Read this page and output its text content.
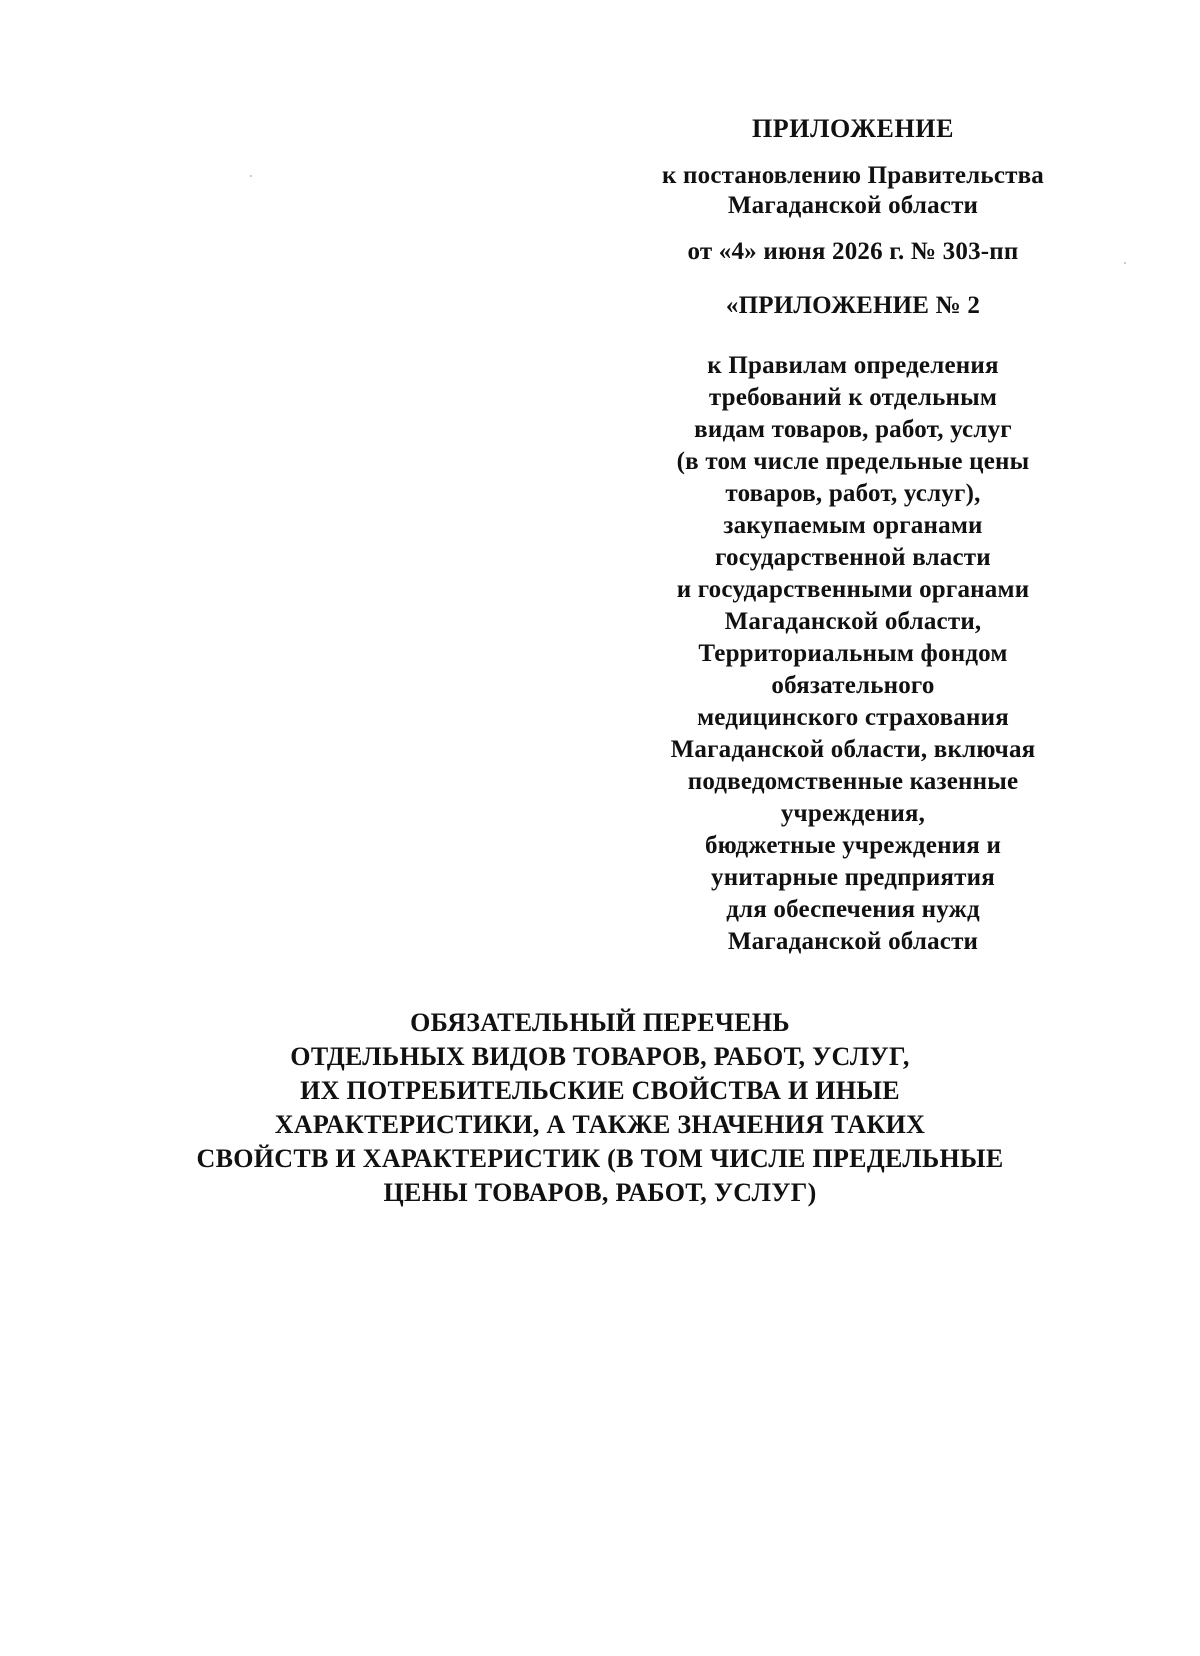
ПРИЛОЖЕНИЕ
к постановлению Правительства
Магаданской области
от «4» июня 2026 г. № 303-пп
«ПРИЛОЖЕНИЕ № 2
к Правилам определения
требований к отдельным
видам товаров, работ, услуг
(в том числе предельные цены
товаров, работ, услуг),
закупаемым органами
государственной власти
и государственными органами
Магаданской области,
Территориальным фондом
обязательного
медицинского страхования
Магаданской области, включая
подведомственные казенные
учреждения,
бюджетные учреждения и
унитарные предприятия
для обеспечения нужд
Магаданской области
ОБЯЗАТЕЛЬНЫЙ ПЕРЕЧЕНЬ
ОТДЕЛЬНЫХ ВИДОВ ТОВАРОВ, РАБОТ, УСЛУГ,
ИХ ПОТРЕБИТЕЛЬСКИЕ СВОЙСТВА И ИНЫЕ
ХАРАКТЕРИСТИКИ, А ТАКЖЕ ЗНАЧЕНИЯ ТАКИХ
СВОЙСТВ И ХАРАКТЕРИСТИК (В ТОМ ЧИСЛЕ ПРЕДЕЛЬНЫЕ
ЦЕНЫ ТОВАРОВ, РАБОТ, УСЛУГ)
